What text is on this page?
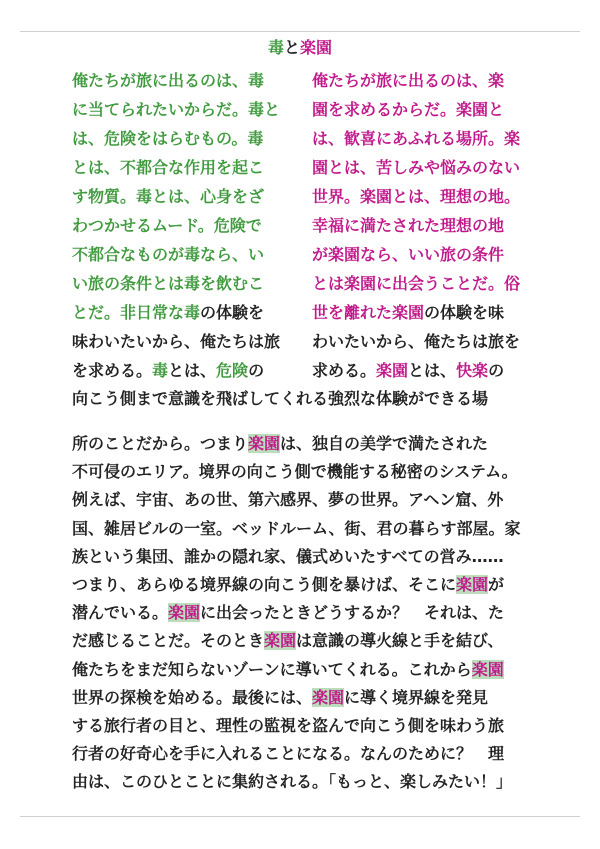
毒と楽園
俺たちが旅に出るのは、毒
に当てられたいからだ。毒と
は、危険をはらむもの。毒
とは、不都合な作用を起こ
す物質。毒とは、心身をざ
わつかせるムード。危険で
不都合なものが毒なら、い
い旅の条件とは毒を飲むこ
とだ。非日常な毒の体験を
味わいたいから、俺たちは旅
を求める。毒とは、危険の
俺たちが旅に出るのは、楽
園を求めるからだ。楽園と
は、歓喜にあふれる場所。楽
園とは、苦しみや悩みのない
世界。楽園とは、理想の地。
幸福に満たされた理想の地
が楽園なら、いい旅の条件
とは楽園に出会うことだ。俗
世を離れた楽園の体験を味
わいたいから、俺たちは旅を
求める。楽園とは、快楽の
向こう側まで意識を飛ばしてくれる強烈な体験ができる場
所のことだから。つまり楽園は、独自の美学で満たされた
不可侵のエリア。境界の向こう側で機能する秘密のシステム。
例えば、宇宙、あの世、第六感界、夢の世界。アヘン窟、外
国、雑居ビルの一室。ベッドルーム、街、君の暮らす部屋。家
族という集団、誰かの隠れ家、儀式めいたすべての営み……
つまり、あらゆる境界線の向こう側を暴けば、そこに楽園が
潜んでいる。楽園に出会ったときどうするか？　それは、た
だ感じることだ。そのとき楽園は意識の導火線と手を結び、
俺たちをまだ知らないゾーンに導いてくれる。これから楽園
世界の探検を始める。最後には、楽園に導く境界線を発見
する旅行者の目と、理性の監視を盗んで向こう側を味わう旅
行者の好奇心を手に入れることになる。なんのために？　理
由は、このひとことに集約される。「もっと、楽しみたい！」
